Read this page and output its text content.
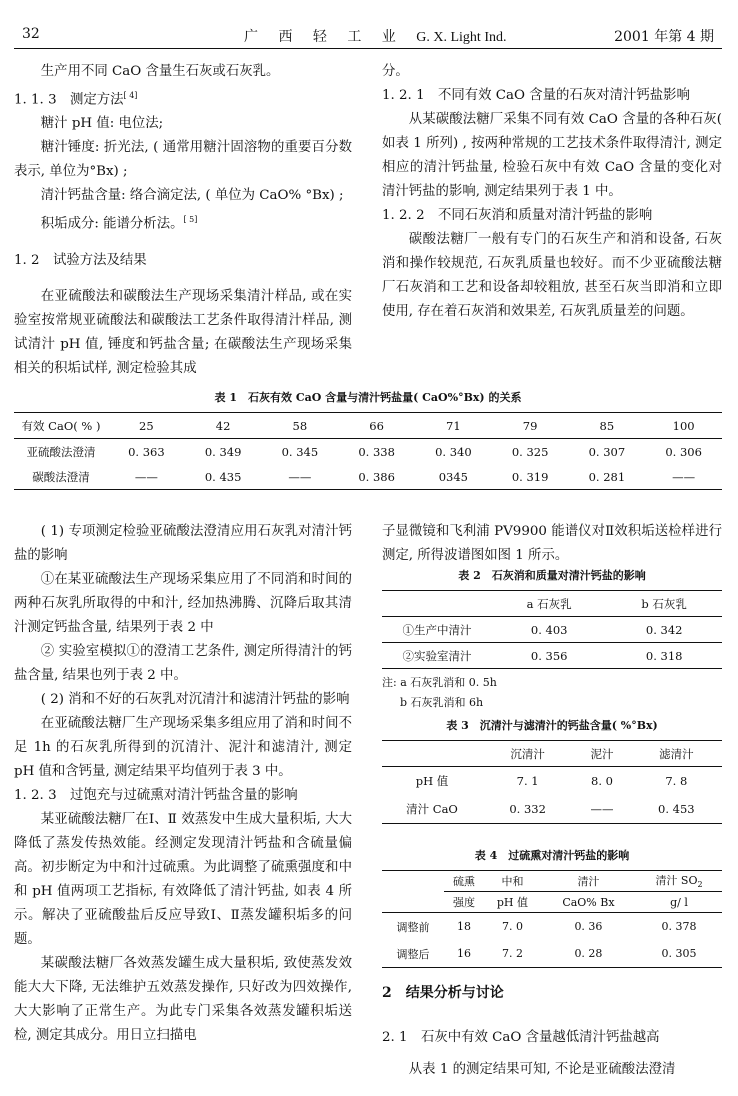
32	广 西 轻 工 业 G. X. Light Ind.	2001 年第 4 期

生产用不同 CaO 含量生石灰或石灰乳。

1. 1. 3　测定方法[ 4]

糖汁 pH 值: 电位法;

糖汁锤度: 折光法, ( 通常用糖汁固溶物的重要百分数表示, 单位为°Bx) ;

清汁钙盐含量: 络合滴定法, ( 单位为 CaO% °Bx) ;

积垢成分: 能谱分析法。[ 5]

1. 2　试验方法及结果

在亚硫酸法和碳酸法生产现场采集清汁样品, 或在实验室按常规亚硫酸法和碳酸法工艺条件取得清汁样品, 测试清汁 pH 值, 锤度和钙盐含量; 在碳酸法生产现场采集相关的积垢试样, 测定检验其成

分。

1. 2. 1　不同有效 CaO 含量的石灰对清汁钙盐影响

从某碳酸法糖厂采集不同有效 CaO 含量的各种石灰( 如表 1 所列) , 按两种常规的工艺技术条件取得清汁, 测定相应的清汁钙盐量, 检验石灰中有效 CaO 含量的变化对清汁钙盐的影响, 测定结果列于表 1 中。

1. 2. 2　不同石灰消和质量对清汁钙盐的影响

碳酸法糖厂一般有专门的石灰生产和消和设备, 石灰消和操作较规范, 石灰乳质量也较好。而不少亚硫酸法糖厂石灰消和工艺和设备却较粗放, 甚至石灰当即消和立即使用, 存在着石灰消和效果差, 石灰乳质量差的问题。

表 1　石灰有效 CaO 含量与清汁钙盐量( CaO%°Bx) 的关系
有效 CaO( % )	25	42	58	66	71	79	85	100
亚硫酸法澄清	0. 363	0. 349	0. 345	0. 338	0. 340	0. 325	0. 307	0. 306
碳酸法澄清	——	0. 435	——	0. 386	0345	0. 319	0. 281	——

( 1) 专项测定检验亚硫酸法澄清应用石灰乳对清汁钙盐的影响

①在某亚硫酸法生产现场采集应用了不同消和时间的两种石灰乳所取得的中和汁, 经加热沸腾、沉降后取其清汁测定钙盐含量, 结果列于表 2 中

② 实验室模拟①的澄清工艺条件, 测定所得清汁的钙盐含量, 结果也列于表 2 中。

( 2) 消和不好的石灰乳对沉清汁和滤清汁钙盐的影响

在亚硫酸法糖厂生产现场采集多组应用了消和时间不足 1h 的石灰乳所得到的沉清汁、泥汁和滤清汁, 测定 pH 值和含钙量, 测定结果平均值列于表 3 中。

1. 2. 3　过饱充与过硫熏对清汁钙盐含量的影响

某亚硫酸法糖厂在Ⅰ、Ⅱ 效蒸发中生成大量积垢, 大大降低了蒸发传热效能。经测定发现清汁钙盐和含硫量偏高。初步断定为中和汁过硫熏。为此调整了硫熏强度和中和 pH 值两项工艺指标, 有效降低了清汁钙盐, 如表 4 所示。解决了亚硫酸盐后反应导致Ⅰ、Ⅱ蒸发罐积垢多的问题。

某碳酸法糖厂各效蒸发罐生成大量积垢, 致使蒸发效能大大下降, 无法维护五效蒸发操作, 只好改为四效操作, 大大影响了正常生产。为此专门采集各效蒸发罐积垢送检, 测定其成分。用日立扫描电

子显微镜和飞利浦 PV9900 能谱仪对Ⅱ效积垢送检样进行测定, 所得波谱图如图 1 所示。

表 2　石灰消和质量对清汁钙盐的影响
	a 石灰乳	b 石灰乳
①生产中清汁	0. 403	0. 342
②实验室清汁	0. 356	0. 318
注: a 石灰乳消和 0. 5h
b 石灰乳消和 6h
表 3　沉清汁与滤清汁的钙盐含量( %°Bx)
	沉清汁	泥汁	滤清汁
pH 值	7. 1	8. 0	7. 8
清汁 CaO	0. 332	——	0. 453
表 4　过硫熏对清汁钙盐的影响
	硫熏	中和	清汁	清汁 $SO_2$
	强度	pH 值	CaO% Bx	g/ l
调整前	18	7. 0	0. 36	0. 378
调整后	16	7. 2	0. 28	0. 305

2　结果分析与讨论

2. 1　石灰中有效 CaO 含量越低清汁钙盐越高

从表 1 的测定结果可知, 不论是亚硫酸法澄清
